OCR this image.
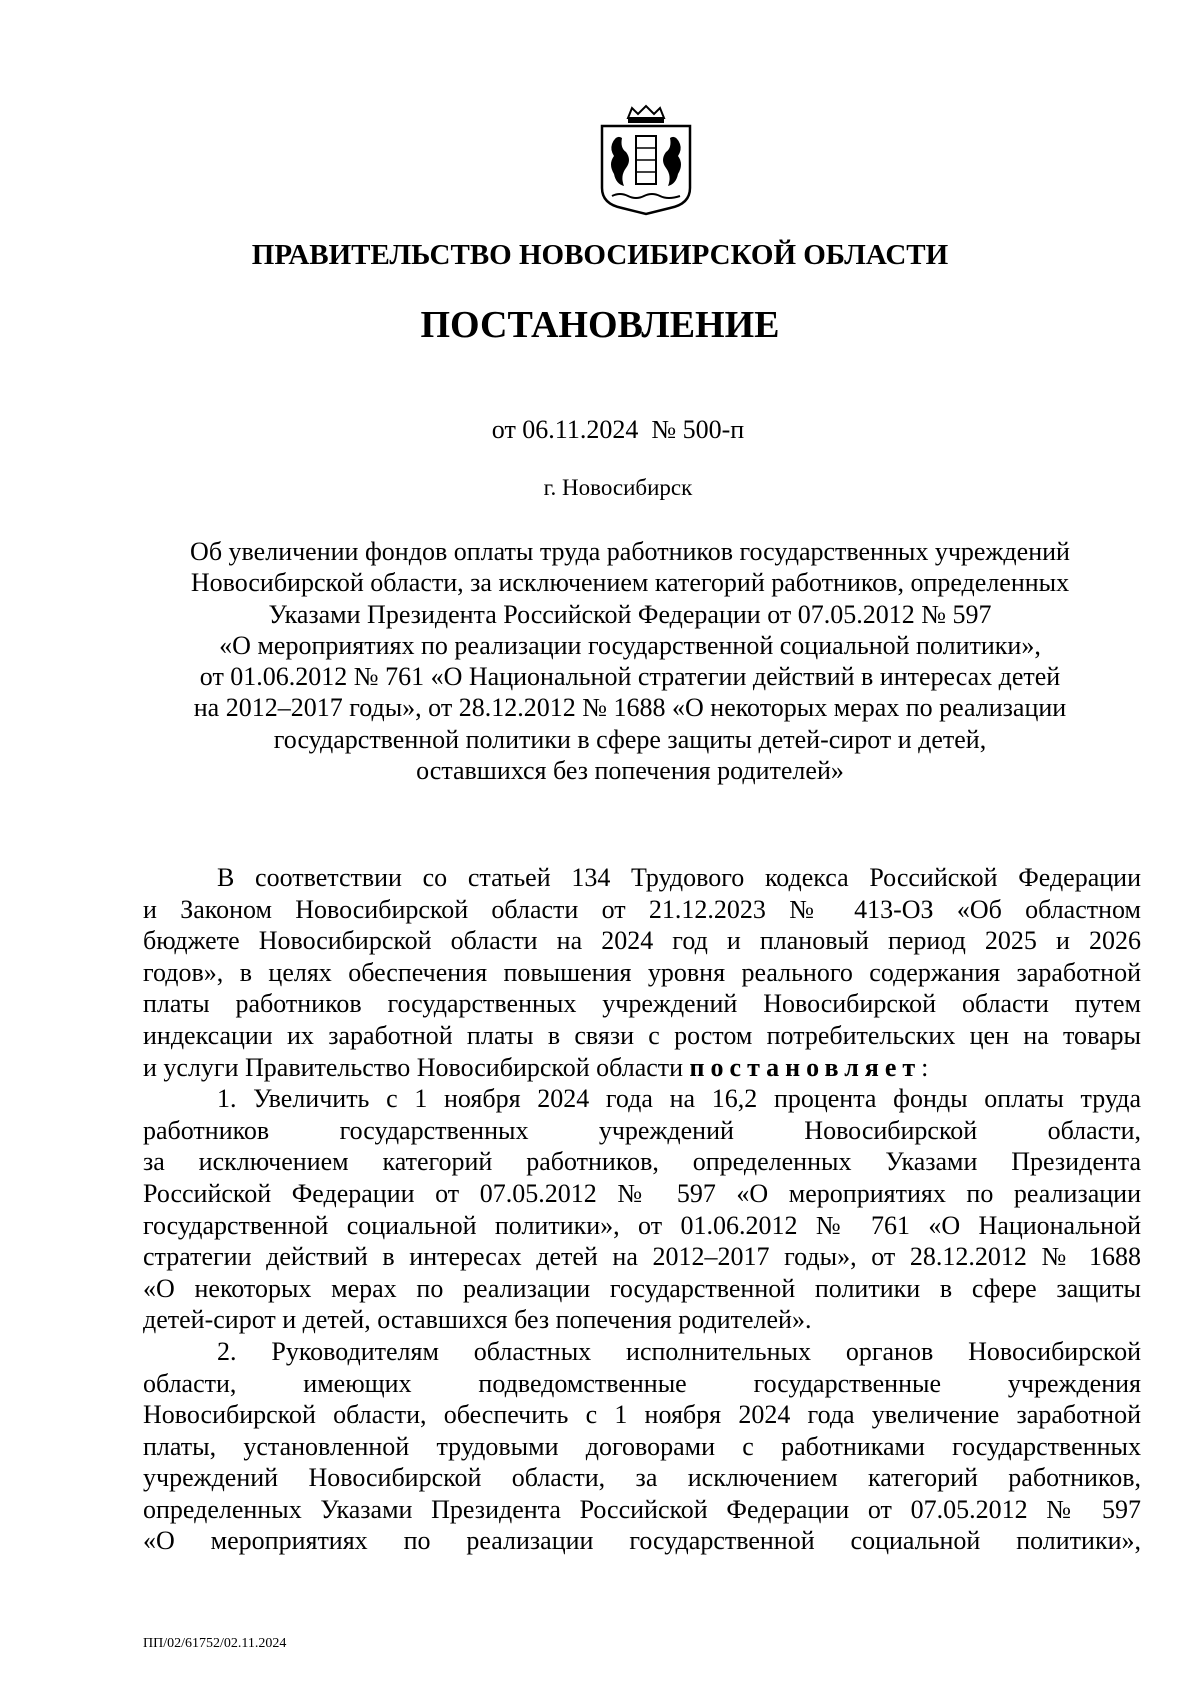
ПРАВИТЕЛЬСТВО НОВОСИБИРСКОЙ ОБЛАСТИ
ПОСТАНОВЛЕНИЕ
от 06.11.2024  № 500-п
г. Новосибирск
Об увеличении фондов оплаты труда работников государственных учреждений
Новосибирской области, за исключением категорий работников, определенных
Указами Президента Российской Федерации от 07.05.2012 № 597
«О мероприятиях по реализации государственной социальной политики»,
от 01.06.2012 № 761 «О Национальной стратегии действий в интересах детей
на 2012–2017 годы», от 28.12.2012 № 1688 «О некоторых мерах по реализации
государственной политики в сфере защиты детей-сирот и детей,
оставшихся без попечения родителей»
В соответствии со статьей 134 Трудового кодекса Российской Федерации
и Законом Новосибирской области от 21.12.2023 № 413-ОЗ «Об областном
бюджете Новосибирской области на 2024 год и плановый период 2025 и 2026
годов», в целях обеспечения повышения уровня реального содержания заработной
платы работников государственных учреждений Новосибирской области путем
индексации их заработной платы в связи с ростом потребительских цен на товары
и услуги Правительство Новосибирской области постановляет:
1. Увеличить с 1 ноября 2024 года на 16,2 процента фонды оплаты труда
работников государственных учреждений Новосибирской области,
за исключением категорий работников, определенных Указами Президента
Российской Федерации от 07.05.2012 № 597 «О мероприятиях по реализации
государственной социальной политики», от 01.06.2012 № 761 «О Национальной
стратегии действий в интересах детей на 2012–2017 годы», от 28.12.2012 № 1688
«О некоторых мерах по реализации государственной политики в сфере защиты
детей-сирот и детей, оставшихся без попечения родителей».
2. Руководителям областных исполнительных органов Новосибирской
области, имеющих подведомственные государственные учреждения
Новосибирской области, обеспечить с 1 ноября 2024 года увеличение заработной
платы, установленной трудовыми договорами с работниками государственных
учреждений Новосибирской области, за исключением категорий работников,
определенных Указами Президента Российской Федерации от 07.05.2012 № 597
«О мероприятиях по реализации государственной социальной политики»,
ПП/02/61752/02.11.2024
